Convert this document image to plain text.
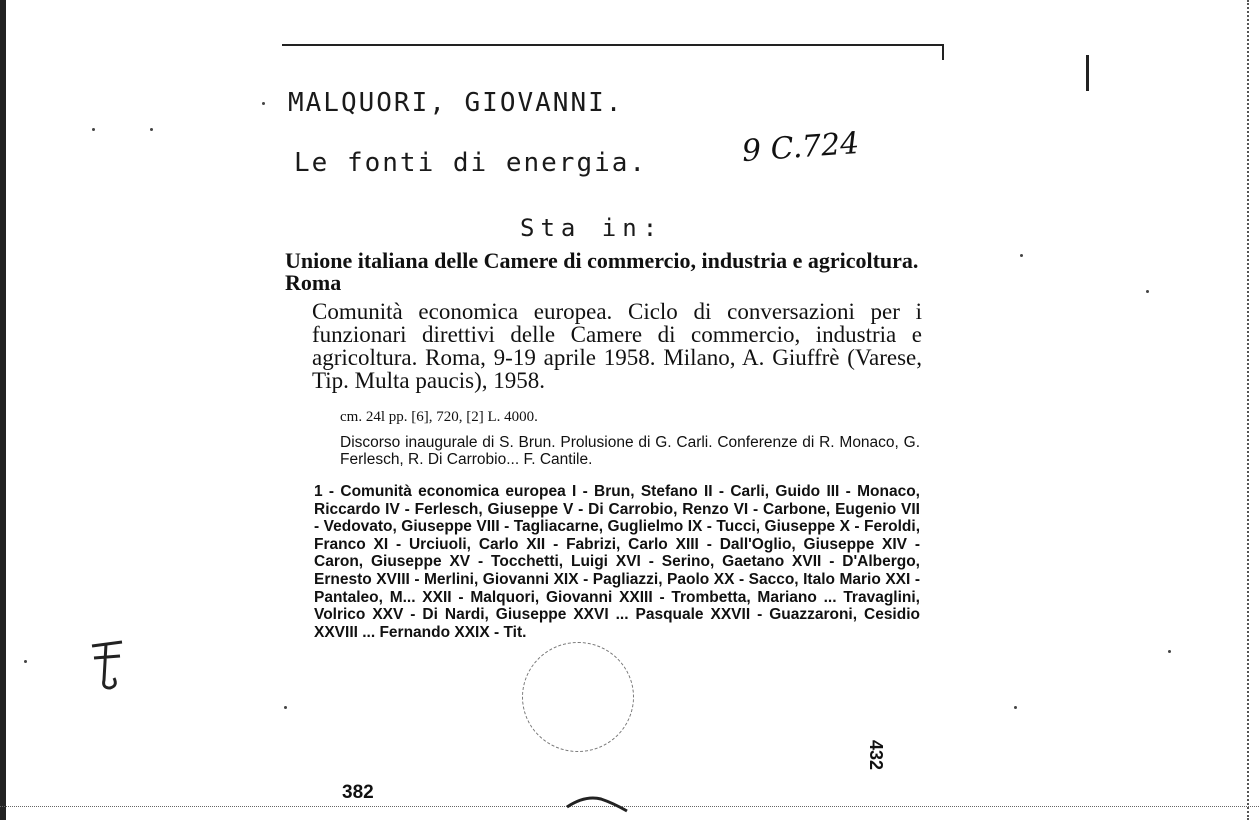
MALQUORI, GIOVANNI.
Le fonti di energia.	9 C.724
Sta in:
Unione italiana delle Camere di commercio, industria e agricoltura. Roma
Comunità economica europea. Ciclo di conversazioni per i funzionari direttivi delle Camere di commercio, industria e agricoltura. Roma, 9-19 aprile 1958. Milano, A. Giuffrè (Varese, Tip. Multa paucis), 1958.
cm. 24l pp. [6], 720, [2] L. 4000.
Discorso inaugurale di S. Brun. Prolusione di G. Carli. Conferenze di R. Monaco, G. Ferlesch, R. Di Carrobio... F. Cantile.
1 - Comunità economica europea I - Brun, Stefano II - Carli, Guido III - Monaco, Riccardo IV - Ferlesch, Giuseppe V - Di Carrobio, Renzo VI - Carbone, Eugenio VII - Vedovato, Giuseppe VIII - Tagliacarne, Guglielmo IX - Tucci, Giuseppe X - Feroldi, Franco XI - Urciuoli, Carlo XII - Fabrizi, Carlo XIII - Dall'Oglio, Giuseppe XIV - Caron, Giuseppe XV - Tocchetti, Luigi XVI - Serino, Gaetano XVII - D'Albergo, Ernesto XVIII - Merlini, Giovanni XIX - Pagliazzi, Paolo XX - Sacco, Italo Mario XXI - Pantaleo, M... XXII - Malquori, Giovanni XXIII - Trombetta, Mariano ... Travaglini, Volrico XXV - Di Nardi, Giuseppe XXVI ... Pasquale XXVII - Guazzaroni, Cesidio XXVIII ... Fernando XXIX - Tit.
382
432
